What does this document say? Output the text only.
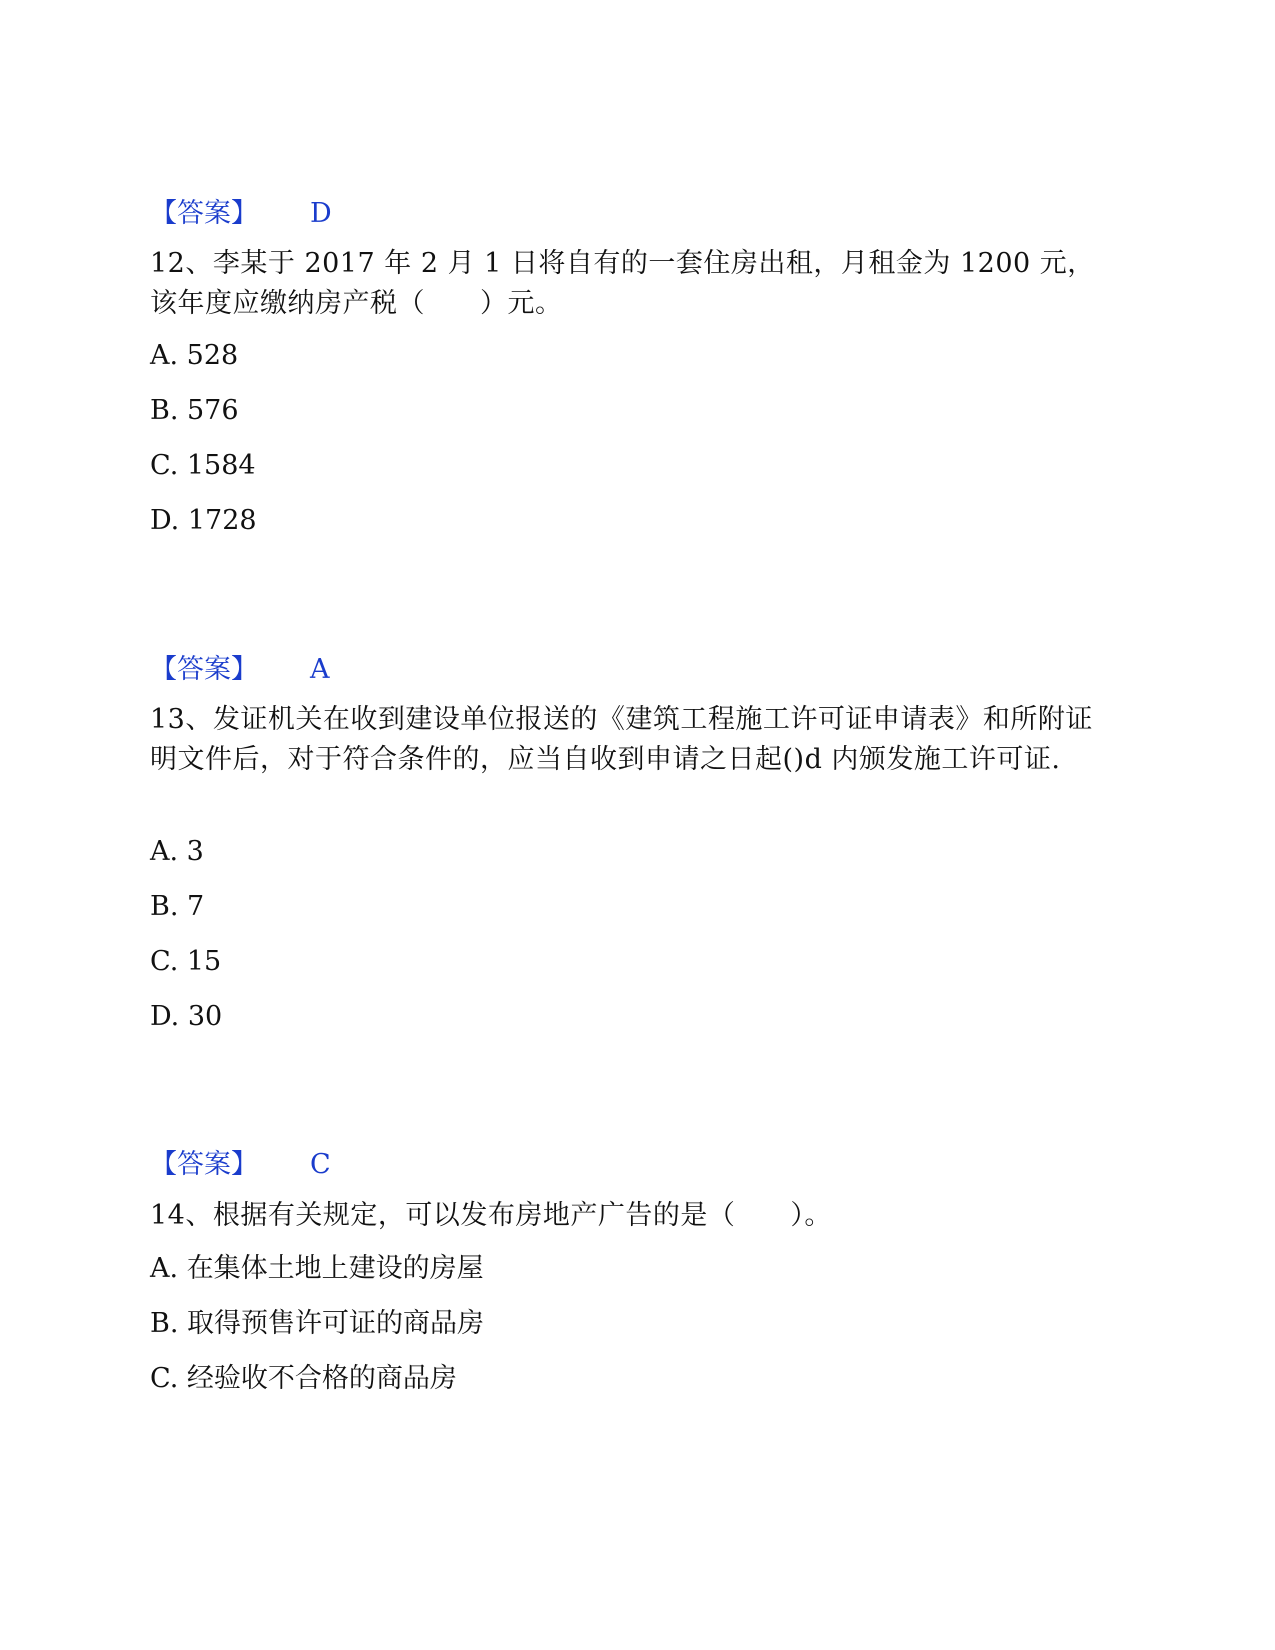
【答案】 D
12、李某于 2017 年 2 月 1 日将自有的一套住房出租，月租金为 1200 元，该年度应缴纳房产税（　　）元。
A. 528
B. 576
C. 1584
D. 1728
【答案】 A
13、发证机关在收到建设单位报送的《建筑工程施工许可证申请表》和所附证明文件后，对于符合条件的，应当自收到申请之日起()d 内颁发施工许可证.
A. 3
B. 7
C. 15
D. 30
【答案】 C
14、根据有关规定，可以发布房地产广告的是（　　）。
A. 在集体土地上建设的房屋
B. 取得预售许可证的商品房
C. 经验收不合格的商品房
